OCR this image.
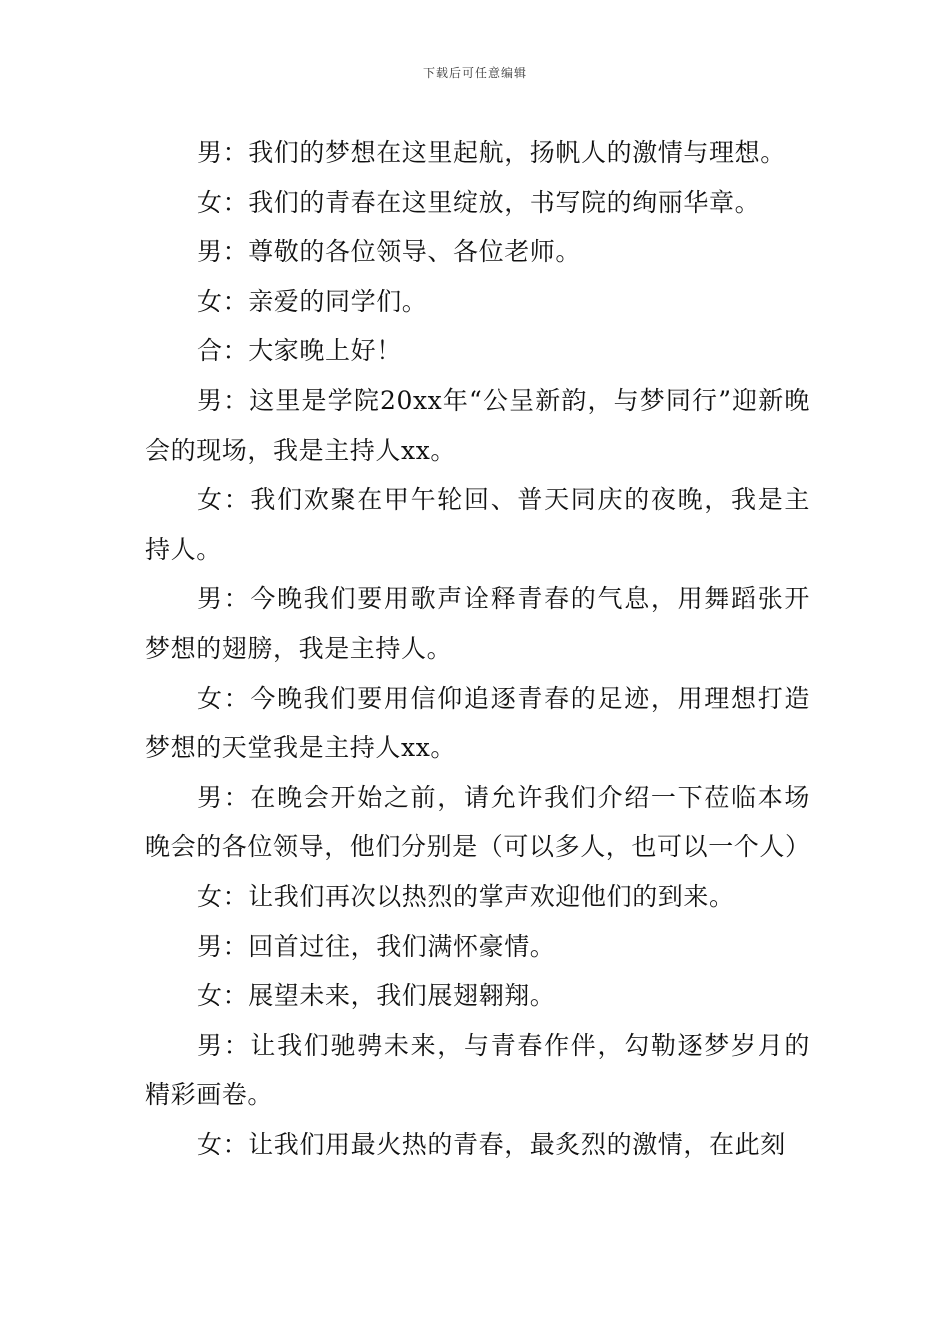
下载后可任意编辑

男：我们的梦想在这里起航，扬帆人的激情与理想。

女：我们的青春在这里绽放，书写院的绚丽华章。

男：尊敬的各位领导、各位老师。

女：亲爱的同学们。

合：大家晚上好！

男：这里是学院20xx年“公呈新韵，与梦同行”迎新晚会的现场，我是主持人xx。

女：我们欢聚在甲午轮回、普天同庆的夜晚，我是主持人。

男：今晚我们要用歌声诠释青春的气息，用舞蹈张开梦想的翅膀，我是主持人。

女：今晚我们要用信仰追逐青春的足迹，用理想打造梦想的天堂我是主持人xx。

男：在晚会开始之前，请允许我们介绍一下莅临本场晚会的各位领导，他们分别是（可以多人，也可以一个人）

女：让我们再次以热烈的掌声欢迎他们的到来。

男：回首过往，我们满怀豪情。

女：展望未来，我们展翅翱翔。

男：让我们驰骋未来，与青春作伴，勾勒逐梦岁月的精彩画卷。

女：让我们用最火热的青春，最炙烈的激情，在此刻
